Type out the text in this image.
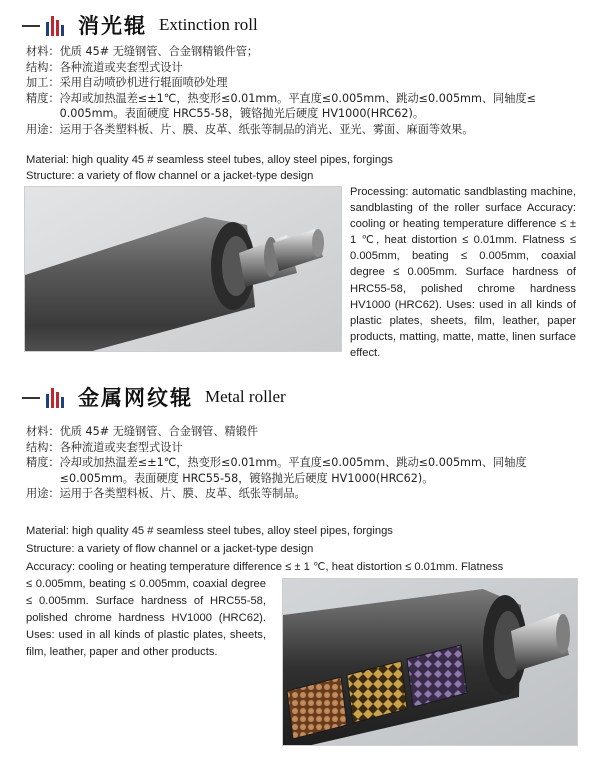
消光辊 Extinction roll
材料： 优质 45# 无缝钢管、合金钢精锻件管；
结构： 各种流道或夹套型式设计
加工： 采用自动喷砂机进行辊面喷砂处理
精度： 冷却或加热温差≤±1℃，热变形≤0.01mm。平直度≤0.005mm、跳动≤0.005mm、同轴度≤ 0.005mm。表面硬度 HRC55-58，镀铬抛光后硬度 HV1000(HRC62)。
用途： 运用于各类塑料板、片、膜、皮革、纸张等制品的消光、亚光、雾面、麻面等效果。
Material: high quality 45 # seamless steel tubes, alloy steel pipes, forgings
Structure: a variety of flow channel or a jacket-type design
Processing: automatic sandblasting machine, sandblasting of the roller surface Accuracy: cooling or heating temperature difference ≤ ± 1 ℃, heat distortion ≤ 0.01mm. Flatness ≤ 0.005mm, beating ≤ 0.005mm, coaxial degree ≤ 0.005mm. Surface hardness of HRC55-58, polished chrome hardness HV1000 (HRC62). Uses: used in all kinds of plastic plates, sheets, film, leather, paper products, matting, matte, matte, linen surface effect.
金属网纹辊 Metal roller
材料： 优质 45# 无缝钢管、合金钢管、精锻件
结构： 各种流道或夹套型式设计
精度： 冷却或加热温差≤±1℃，热变形≤0.01mm。平直度≤0.005mm、跳动≤0.005mm、同轴度 ≤0.005mm。表面硬度 HRC55-58，镀铬抛光后硬度 HV1000(HRC62)。
用途： 运用于各类塑料板、片、膜、皮革、纸张等制品。
Material: high quality 45 # seamless steel tubes, alloy steel pipes, forgings
Structure: a variety of flow channel or a jacket-type design
Accuracy: cooling or heating temperature difference ≤ ± 1 ℃, heat distortion ≤ 0.01mm. Flatness
≤ 0.005mm, beating ≤ 0.005mm, coaxial degree ≤ 0.005mm. Surface hardness of HRC55-58, polished chrome hardness HV1000 (HRC62). Uses: used in all kinds of plastic plates, sheets, film, leather, paper and other products.
